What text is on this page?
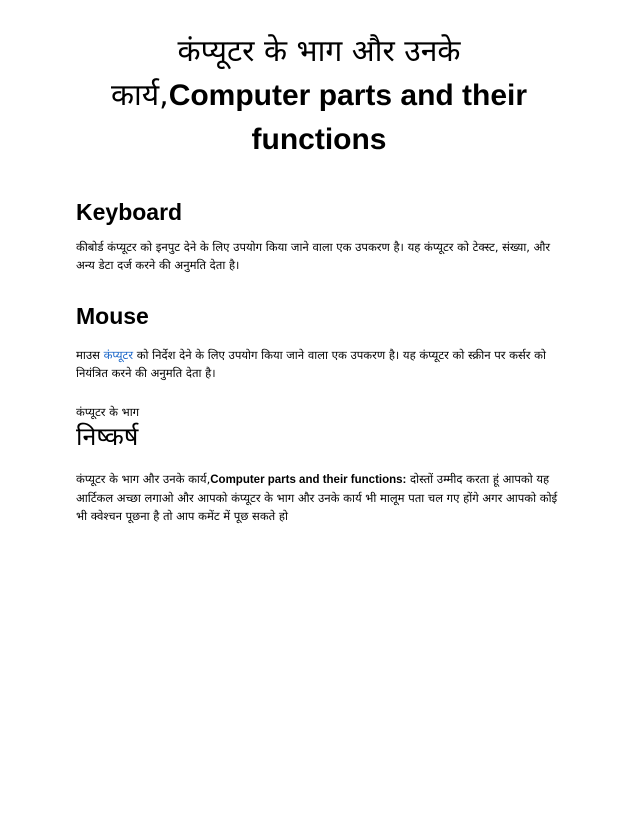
कंप्यूटर के भाग और उनके
कार्य,Computer parts and their
functions
Keyboard

कीबोर्ड कंप्यूटर को इनपुट देने के लिए उपयोग किया जाने वाला एक उपकरण है। यह कंप्यूटर को टेक्स्ट, संख्या, और अन्य डेटा दर्ज करने की अनुमति देता है।

Mouse

माउस कंप्यूटर को निर्देश देने के लिए उपयोग किया जाने वाला एक उपकरण है। यह कंप्यूटर को स्क्रीन पर कर्सर को नियंत्रित करने की अनुमति देता है।

कंप्यूटर के भाग

निष्कर्ष

कंप्यूटर के भाग और उनके कार्य,Computer parts and their functions: दोस्तों उम्मीद करता हूं आपको यह आर्टिकल अच्छा लगाओ और आपको कंप्यूटर के भाग और उनके कार्य भी मालूम पता चल गए होंगे अगर आपको कोई भी क्वेश्चन पूछना है तो आप कमेंट में पूछ सकते हो
